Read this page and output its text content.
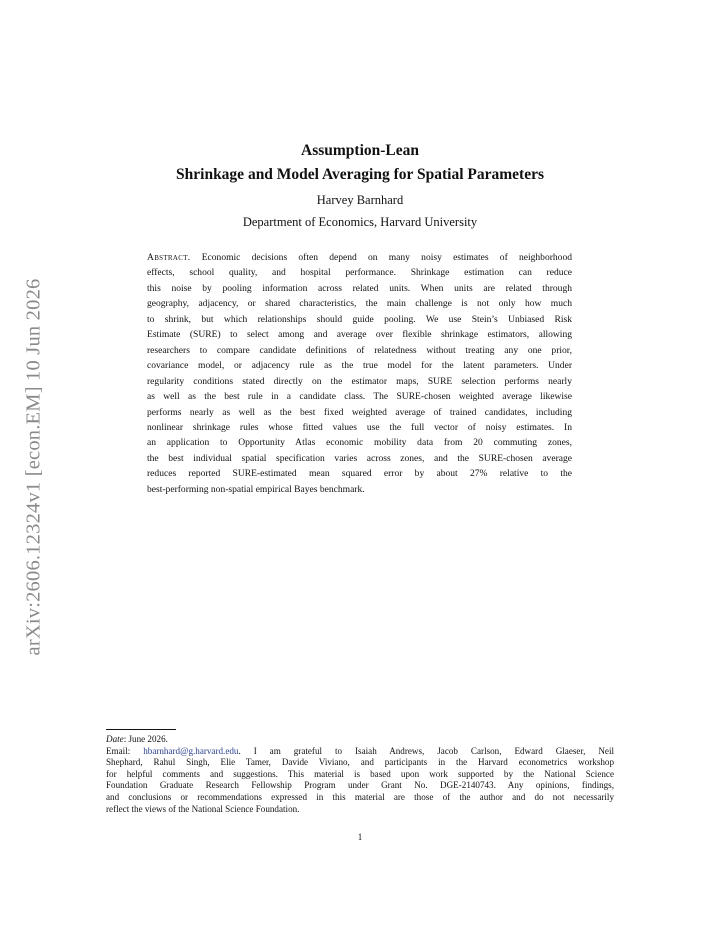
arXiv:2606.12324v1 [econ.EM] 10 Jun 2026
Assumption-Lean
Shrinkage and Model Averaging for Spatial Parameters
Harvey Barnhard
Department of Economics, Harvard University
Abstract. Economic decisions often depend on many noisy estimates of neighborhood
effects, school quality, and hospital performance. Shrinkage estimation can reduce
this noise by pooling information across related units. When units are related through
geography, adjacency, or shared characteristics, the main challenge is not only how much
to shrink, but which relationships should guide pooling. We use Stein’s Unbiased Risk
Estimate (SURE) to select among and average over flexible shrinkage estimators, allowing
researchers to compare candidate definitions of relatedness without treating any one prior,
covariance model, or adjacency rule as the true model for the latent parameters. Under
regularity conditions stated directly on the estimator maps, SURE selection performs nearly
as well as the best rule in a candidate class. The SURE-chosen weighted average likewise
performs nearly as well as the best fixed weighted average of trained candidates, including
nonlinear shrinkage rules whose fitted values use the full vector of noisy estimates. In
an application to Opportunity Atlas economic mobility data from 20 commuting zones,
the best individual spatial specification varies across zones, and the SURE-chosen average
reduces reported SURE-estimated mean squared error by about 27% relative to the
best-performing non-spatial empirical Bayes benchmark.
Date: June 2026.
Email: hbarnhard@g.harvard.edu. I am grateful to Isaiah Andrews, Jacob Carlson, Edward Glaeser, Neil
Shephard, Rahul Singh, Elie Tamer, Davide Viviano, and participants in the Harvard econometrics workshop
for helpful comments and suggestions. This material is based upon work supported by the National Science
Foundation Graduate Research Fellowship Program under Grant No. DGE-2140743. Any opinions, findings,
and conclusions or recommendations expressed in this material are those of the author and do not necessarily
reflect the views of the National Science Foundation.
1
